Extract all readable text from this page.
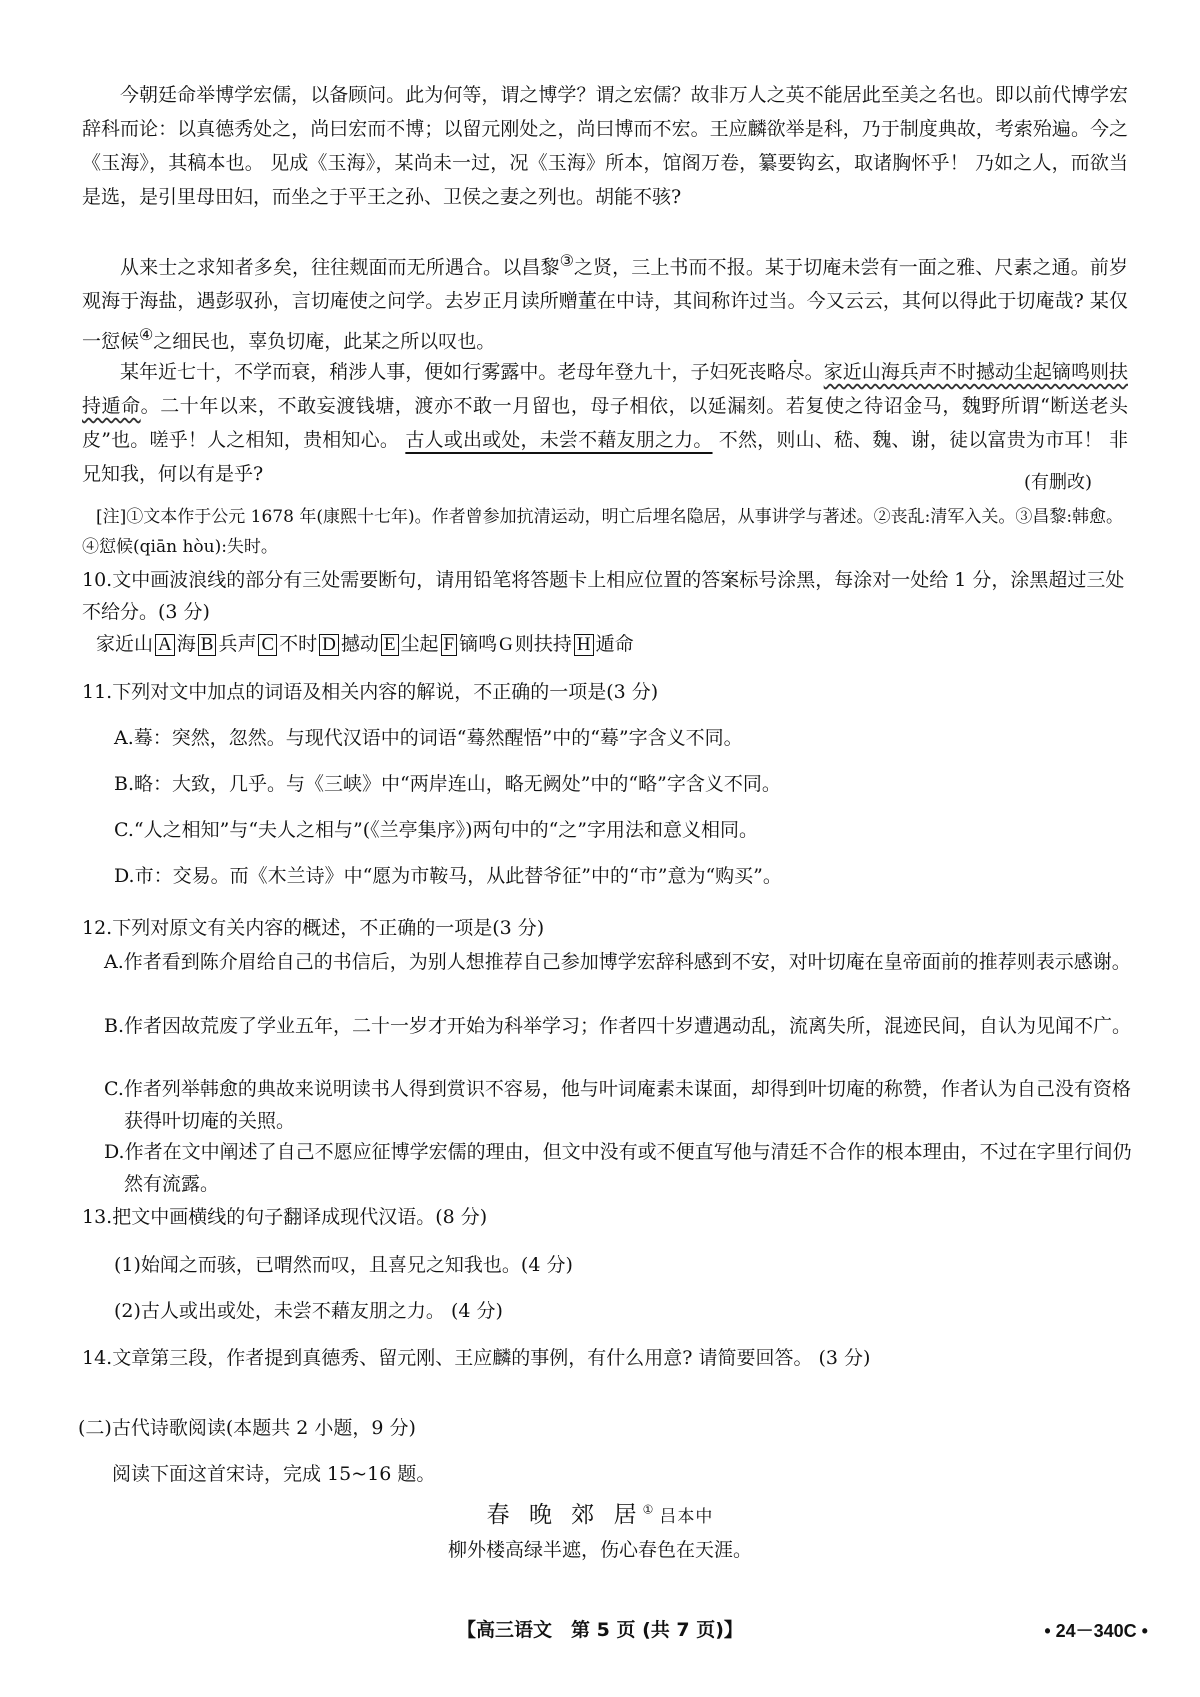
今朝廷命举博学宏儒，以备顾问。此为何等，谓之博学？谓之宏儒？故非万人之英不能居此至美之名也。即以前代博学宏辞科而论：以真德秀处之，尚曰宏而不博；以留元刚处之，尚曰博而不宏。王应麟欲举是科，乃于制度典故，考索殆遍。今之《玉海》，其稿本也。 见成《玉海》，某尚未一过，况《玉海》所本，馆阁万卷，纂要钩玄，取诸胸怀乎！ 乃如之人，而欲当是选，是引里母田妇，而坐之于平王之孙、卫侯之妻之列也。胡能不骇?

从来士之求知者多矣，往往觌面而无所遇合。以昌黎③之贤，三上书而不报。某于切庵未尝有一面之雅、尺素之通。前岁观海于海盐，遇彭驭孙，言切庵使之问学。去岁正月读所赠董在中诗，其间称许过当。今又云云，其何以得此于切庵哉? 某仅一愆候④之细民也，辜负切庵，此某之所以叹也。

某年近七十，不学而衰，稍涉人事，便如行雾露中。老母年登九十，子妇死丧略尽。家近山海兵声不时撼动尘起镝鸣则扶持遁命。二十年以来，不敢妄渡钱塘，渡亦不敢一月留也，母子相依，以延漏刻。若复使之待诏金马，魏野所谓“断送老头皮”也。嗟乎！人之相知，贵相知心。 古人或出或处，未尝不藉友朋之力。 不然，则山、嵇、魏、谢，徒以富贵为市耳！ 非兄知我，何以有是乎?	(有删改)

[注]①文本作于公元 1678 年(康熙十七年)。作者曾参加抗清运动，明亡后埋名隐居，从事讲学与著述。②丧乱:清军入关。③昌黎:韩愈。④愆候(qiān hòu):失时。

10.文中画波浪线的部分有三处需要断句，请用铅笔将答题卡上相应位置的答案标号涂黑，每涂对一处给 1 分，涂黑超过三处不给分。(3 分)

家近山 A 海 B 兵声 C 不时 D 撼动 E 尘起 F 镝鸣 G 则扶持 H 遁命

11.下列对文中加点的词语及相关内容的解说，不正确的一项是(3 分)

A.蓦：突然，忽然。与现代汉语中的词语“蓦然醒悟”中的“蓦”字含义不同。

B.略：大致，几乎。与《三峡》中“两岸连山，略无阙处”中的“略”字含义不同。

C.“人之相知”与“夫人之相与”(《兰亭集序》)两句中的“之”字用法和意义相同。

D.市：交易。而《木兰诗》中“愿为市鞍马，从此替爷征”中的“市”意为“购买”。

12.下列对原文有关内容的概述，不正确的一项是(3 分)

A.作者看到陈介眉给自己的书信后，为别人想推荐自己参加博学宏辞科感到不安，对叶切庵在皇帝面前的推荐则表示感谢。

B.作者因故荒废了学业五年，二十一岁才开始为科举学习；作者四十岁遭遇动乱，流离失所，混迹民间，自认为见闻不广。

C.作者列举韩愈的典故来说明读书人得到赏识不容易，他与叶词庵素未谋面，却得到叶切庵的称赞，作者认为自己没有资格获得叶切庵的关照。

D.作者在文中阐述了自己不愿应征博学宏儒的理由，但文中没有或不便直写他与清廷不合作的根本理由，不过在字里行间仍然有流露。

13.把文中画横线的句子翻译成现代汉语。(8 分)

(1)始闻之而骇，已喟然而叹，且喜兄之知我也。(4 分)

(2)古人或出或处，未尝不藉友朋之力。 (4 分)

14.文章第三段，作者提到真德秀、留元刚、王应麟的事例，有什么用意? 请简要回答。 (3 分)

(二)古代诗歌阅读(本题共 2 小题，9 分)
阅读下面这首宋诗，完成 15~16 题。
春 晚 郊 居① 吕本中
柳外楼高绿半遮，伤心春色在天涯。
【高三语文　第 5 页 (共 7 页)】	• 24－340C •
